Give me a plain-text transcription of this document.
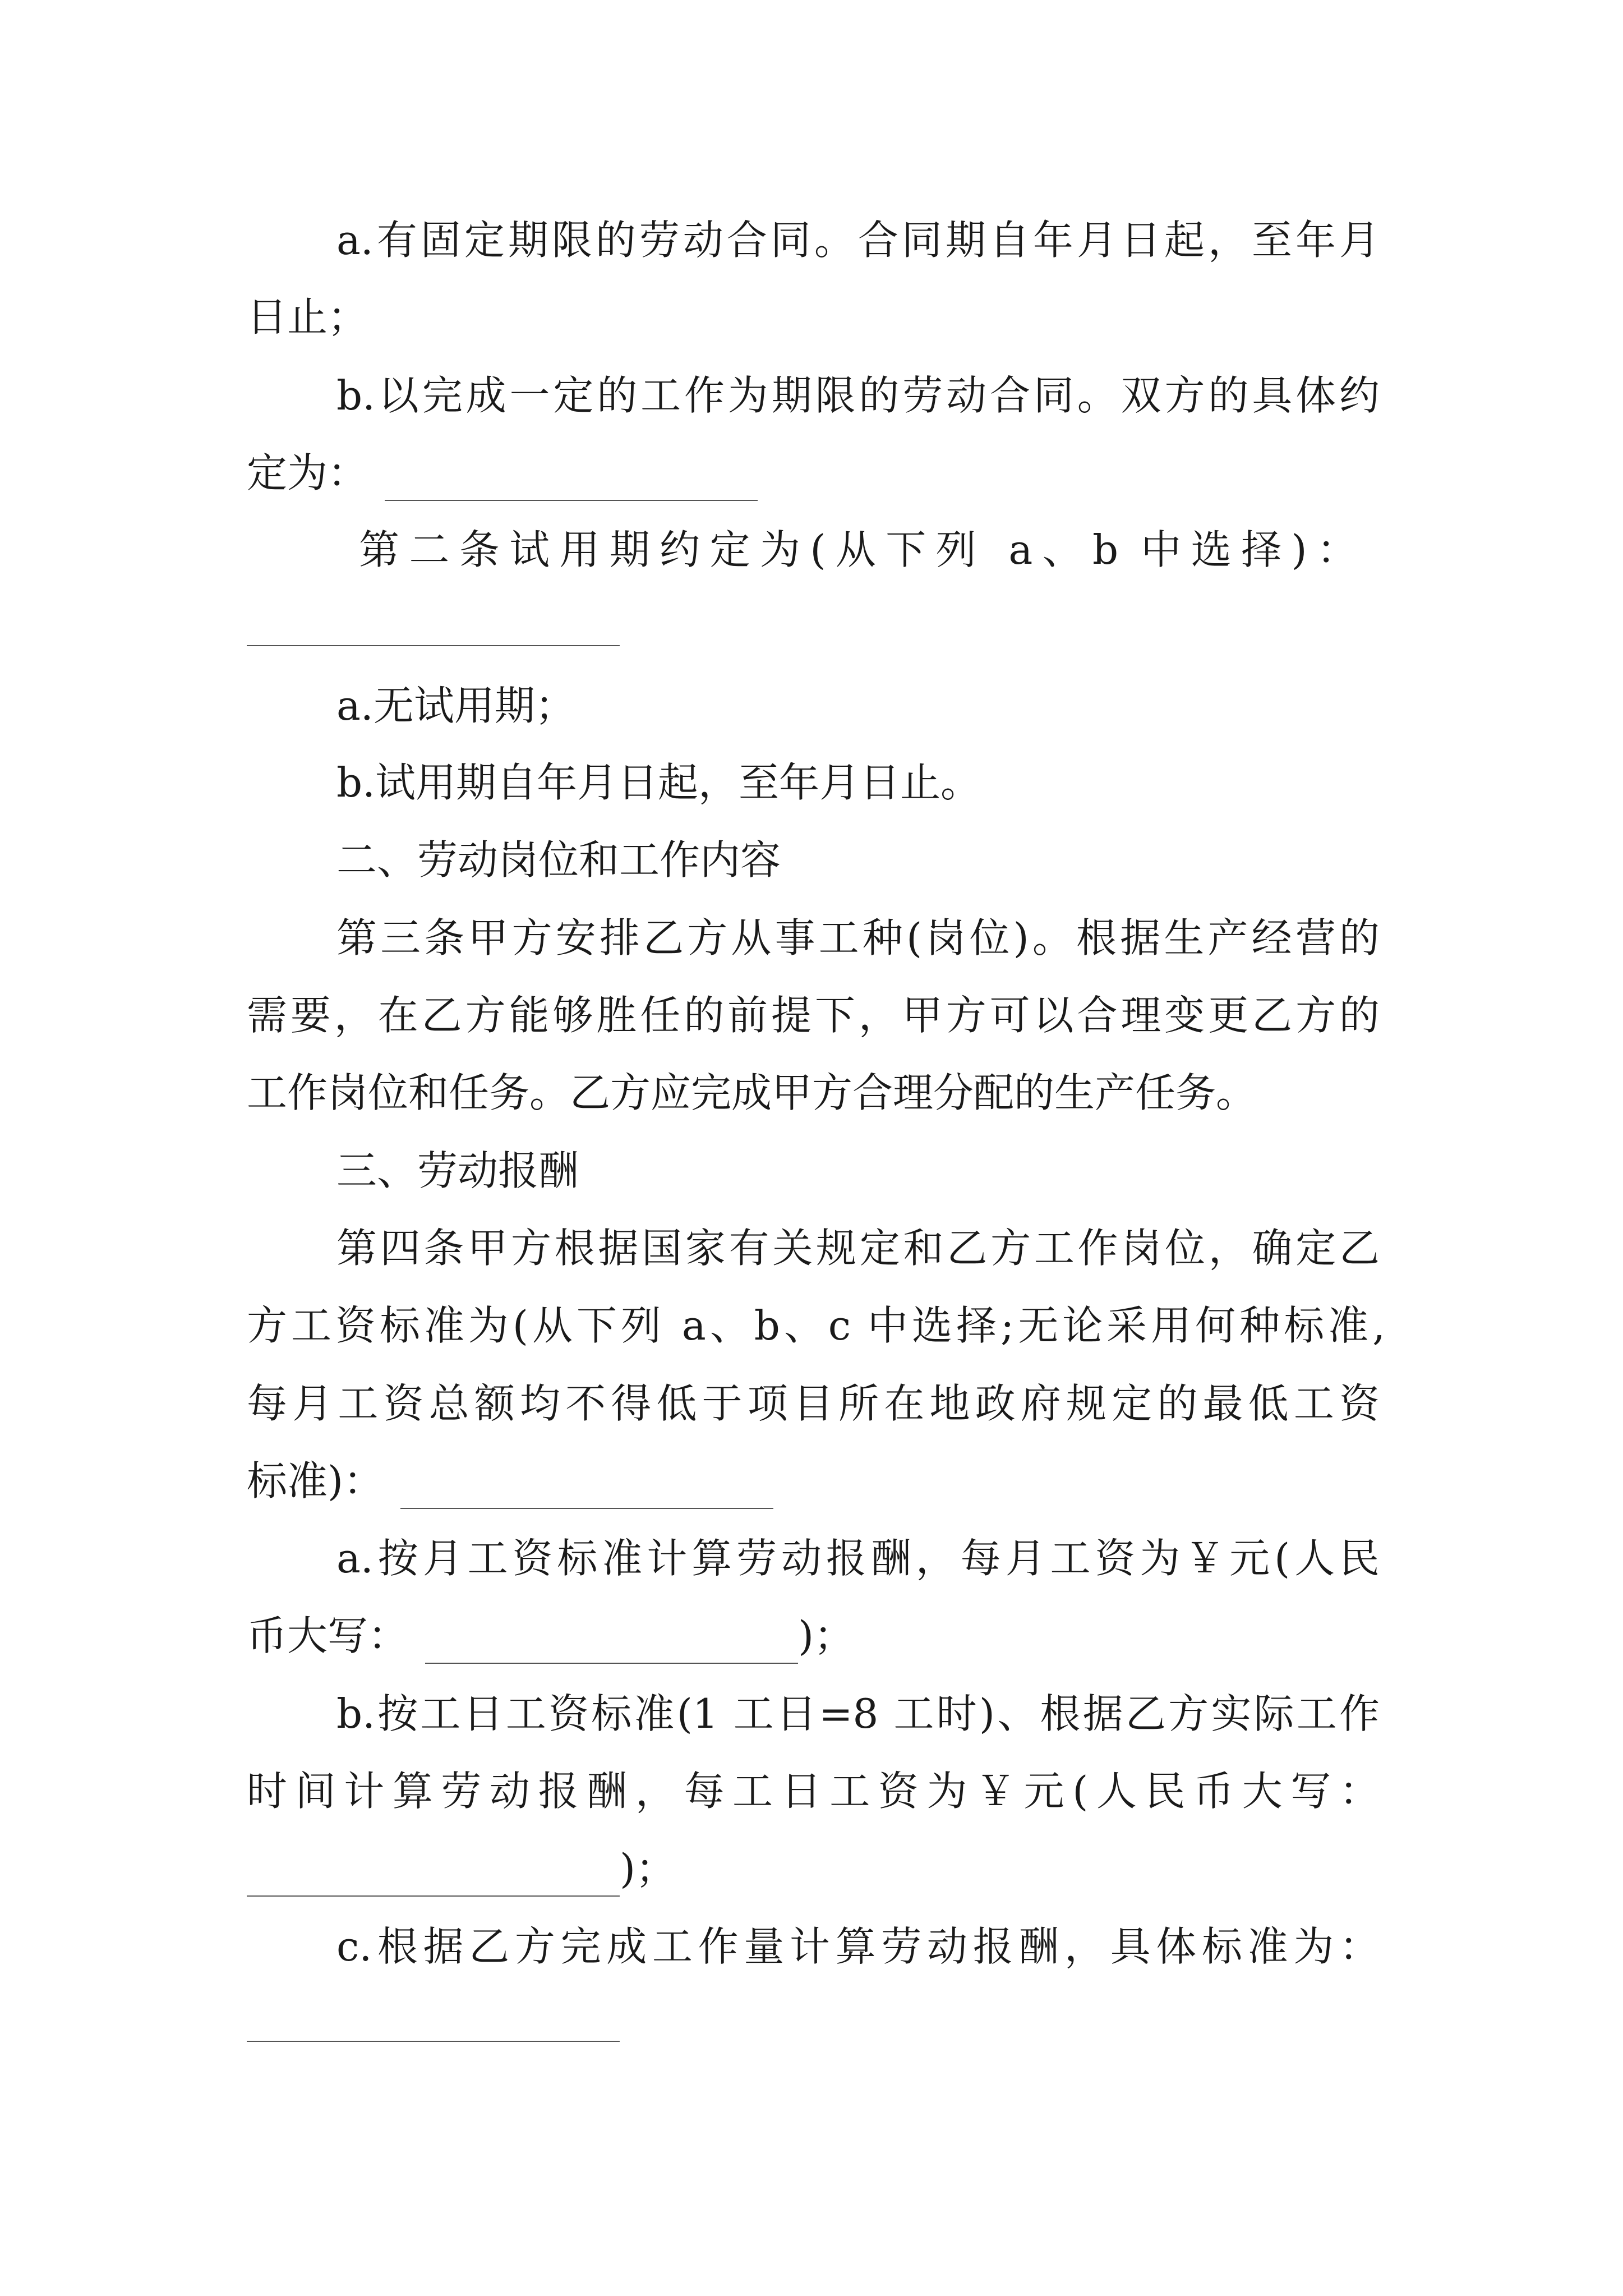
a.有固定期限的劳动合同。合同期自年月日起，至年月
日止；
b.以完成一定的工作为期限的劳动合同。双方的具体约
定为：
第二条试用期约定为(从下列 a、b 中选择)：
a.无试用期；
b.试用期自年月日起，至年月日止。
二、劳动岗位和工作内容
第三条甲方安排乙方从事工种(岗位)。根据生产经营的
需要，在乙方能够胜任的前提下，甲方可以合理变更乙方的
工作岗位和任务。乙方应完成甲方合理分配的生产任务。
三、劳动报酬
第四条甲方根据国家有关规定和乙方工作岗位，确定乙
方工资标准为(从下列 a、b、c 中选择;无论采用何种标准,
每月工资总额均不得低于项目所在地政府规定的最低工资
标准)：
a.按月工资标准计算劳动报酬，每月工资为￥元(人民
币大写：	)；
b.按工日工资标准(1 工日=8 工时)、根据乙方实际工作
时间计算劳动报酬，每工日工资为￥元(人民币大写：
)；
c.根据乙方完成工作量计算劳动报酬，具体标准为：
